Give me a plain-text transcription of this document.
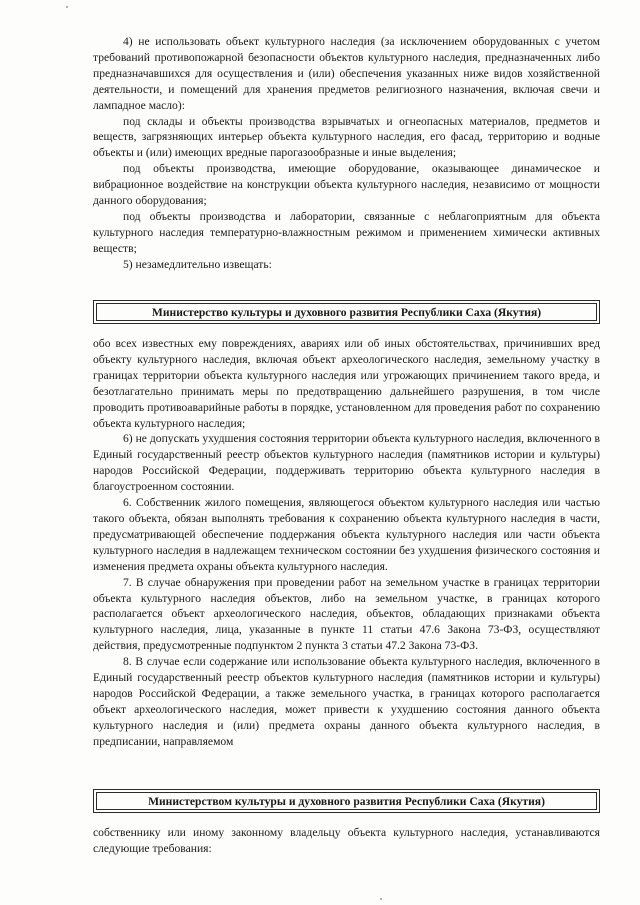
4) не использовать объект культурного наследия (за исключением оборудованных с учетом требований противопожарной безопасности объектов культурного наследия, предназначенных либо предназначавшихся для осуществления и (или) обеспечения указанных ниже видов хозяйственной деятельности, и помещений для хранения предметов религиозного назначения, включая свечи и лампадное масло):

под склады и объекты производства взрывчатых и огнеопасных материалов, предметов и веществ, загрязняющих интерьер объекта культурного наследия, его фасад, территорию и водные объекты и (или) имеющих вредные парогазообразные и иные выделения;

под объекты производства, имеющие оборудование, оказывающее динамическое и вибрационное воздействие на конструкции объекта культурного наследия, независимо от мощности данного оборудования;

под объекты производства и лаборатории, связанные с неблагоприятным для объекта культурного наследия температурно-влажностным режимом и применением химически активных веществ;

5) незамедлительно извещать:

Министерство культуры и духовного развития Республики Саха (Якутия)

обо всех известных ему повреждениях, авариях или об иных обстоятельствах, причинивших вред объекту культурного наследия, включая объект археологического наследия, земельному участку в границах территории объекта культурного наследия или угрожающих причинением такого вреда, и безотлагательно принимать меры по предотвращению дальнейшего разрушения, в том числе проводить противоаварийные работы в порядке, установленном для проведения работ по сохранению объекта культурного наследия;

6) не допускать ухудшения состояния территории объекта культурного наследия, включенного в Единый государственный реестр объектов культурного наследия (памятников истории и культуры) народов Российской Федерации, поддерживать территорию объекта культурного наследия в благоустроенном состоянии.

6. Собственник жилого помещения, являющегося объектом культурного наследия или частью такого объекта, обязан выполнять требования к сохранению объекта культурного наследия в части, предусматривающей обеспечение поддержания объекта культурного наследия или части объекта культурного наследия в надлежащем техническом состоянии без ухудшения физического состояния и изменения предмета охраны объекта культурного наследия.

7. В случае обнаружения при проведении работ на земельном участке в границах территории объекта культурного наследия объектов, либо на земельном участке, в границах которого располагается объект археологического наследия, объектов, обладающих признаками объекта культурного наследия, лица, указанные в пункте 11 статьи 47.6 Закона 73-ФЗ, осуществляют действия, предусмотренные подпунктом 2 пункта 3 статьи 47.2 Закона 73-ФЗ.

8. В случае если содержание или использование объекта культурного наследия, включенного в Единый государственный реестр объектов культурного наследия (памятников истории и культуры) народов Российской Федерации, а также земельного участка, в границах которого располагается объект археологического наследия, может привести к ухудшению состояния данного объекта культурного наследия и (или) предмета охраны данного объекта культурного наследия, в предписании, направляемом

Министерством культуры и духовного развития Республики Саха (Якутия)

собственнику или иному законному владельцу объекта культурного наследия, устанавливаются следующие требования:
